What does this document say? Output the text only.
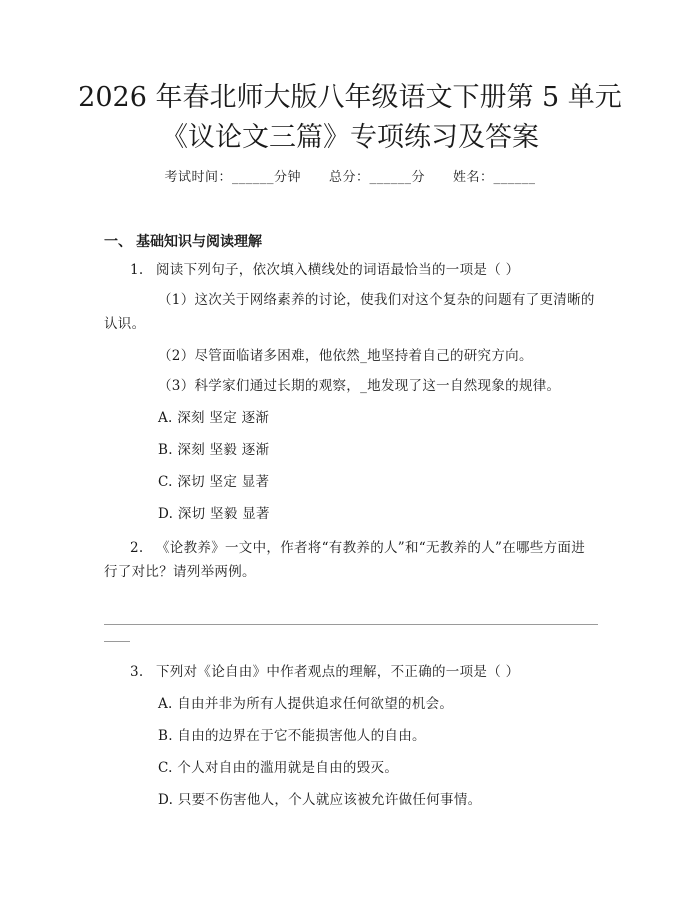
2026 年春北师大版八年级语文下册第 5 单元
《议论文三篇》专项练习及答案
考试时间：______分钟 总分：______分 姓名：______
一、 基础知识与阅读理解
1. 阅读下列句子，依次填入横线处的词语最恰当的一项是（ ）
（1）这次关于网络素养的讨论，使我们对这个复杂的问题有了更清晰的认识。
（2）尽管面临诸多困难，他依然_地坚持着自己的研究方向。
（3）科学家们通过长期的观察，_地发现了这一自然现象的规律。
A. 深刻 坚定 逐渐
B. 深刻 坚毅 逐渐
C. 深切 坚定 显著
D. 深切 坚毅 显著
2. 《论教养》一文中，作者将“有教养的人”和“无教养的人”在哪些方面进行了对比？请列举两例。
3. 下列对《论自由》中作者观点的理解，不正确的一项是（ ）
A. 自由并非为所有人提供追求任何欲望的机会。
B. 自由的边界在于它不能损害他人的自由。
C. 个人对自由的滥用就是自由的毁灭。
D. 只要不伤害他人，个人就应该被允许做任何事情。
